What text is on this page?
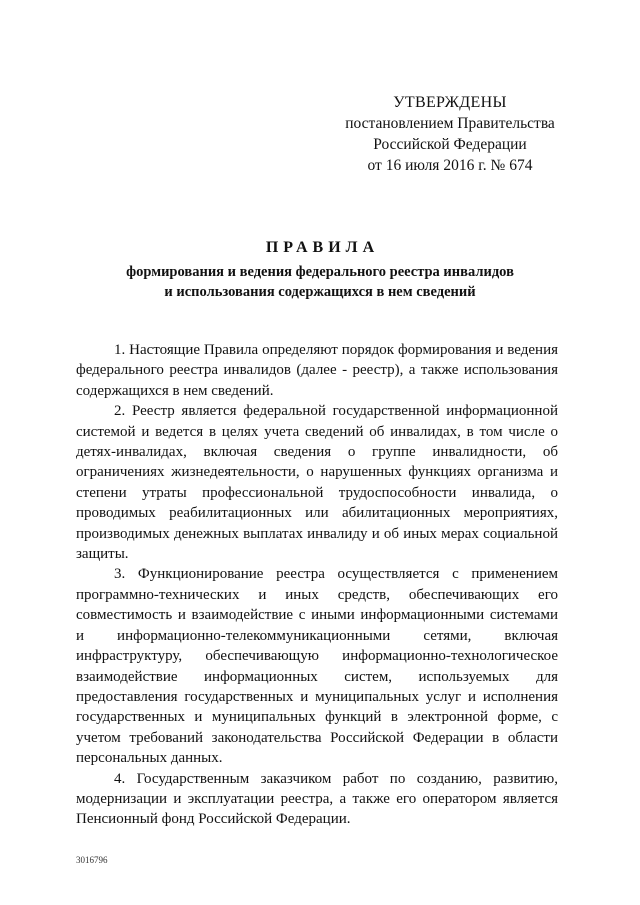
УТВЕРЖДЕНЫ
постановлением Правительства
Российской Федерации
от 16 июля 2016 г. № 674
ПРАВИЛА
формирования и ведения федерального реестра инвалидов
и использования содержащихся в нем сведений

1. Настоящие Правила определяют порядок формирования и ведения федерального реестра инвалидов (далее - реестр), а также использования содержащихся в нем сведений.

2. Реестр является федеральной государственной информационной системой и ведется в целях учета сведений об инвалидах, в том числе о детях-инвалидах, включая сведения о группе инвалидности, об ограничениях жизнедеятельности, о нарушенных функциях организма и степени утраты профессиональной трудоспособности инвалида, о проводимых реабилитационных или абилитационных мероприятиях, производимых денежных выплатах инвалиду и об иных мерах социальной защиты.

3. Функционирование реестра осуществляется с применением программно-технических и иных средств, обеспечивающих его совместимость и взаимодействие с иными информационными системами и информационно-телекоммуникационными сетями, включая инфраструктуру, обеспечивающую информационно-технологическое взаимодействие информационных систем, используемых для предоставления государственных и муниципальных услуг и исполнения государственных и муниципальных функций в электронной форме, с учетом требований законодательства Российской Федерации в области персональных данных.

4. Государственным заказчиком работ по созданию, развитию, модернизации и эксплуатации реестра, а также его оператором является Пенсионный фонд Российской Федерации.

3016796
